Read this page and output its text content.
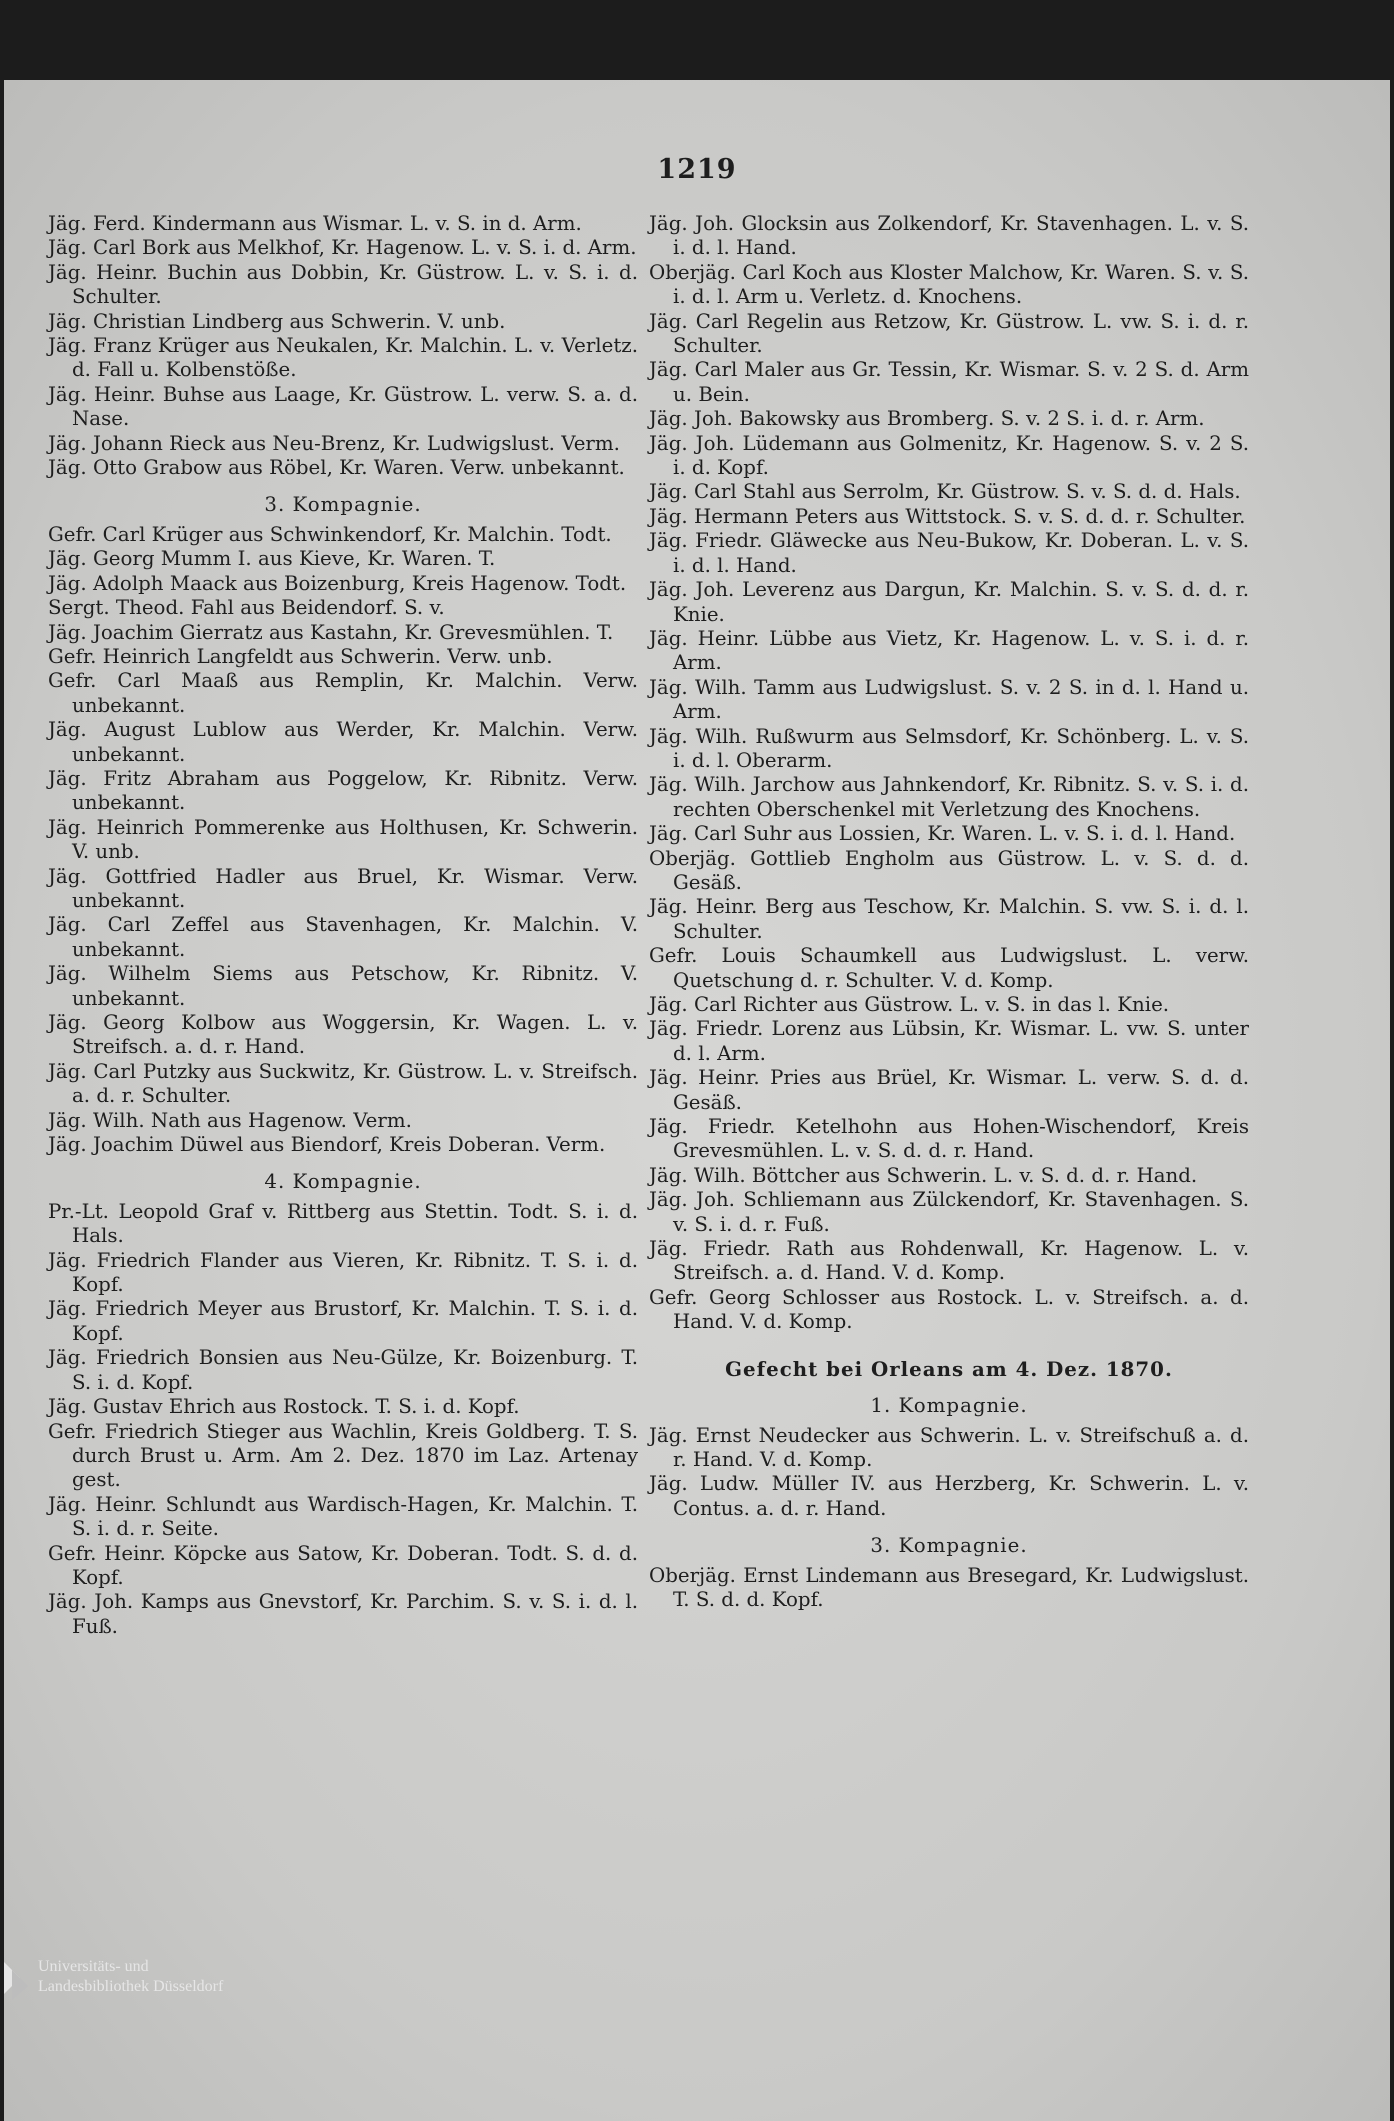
1219
Jäg. Ferd. Kindermann aus Wismar. L. v. S. in d. Arm.
Jäg. Carl Bork aus Melkhof, Kr. Hagenow. L. v. S. i. d. Arm.
Jäg. Heinr. Buchin aus Dobbin, Kr. Güstrow. L. v. S. i. d. Schulter.
Jäg. Christian Lindberg aus Schwerin. V. unb.
Jäg. Franz Krüger aus Neukalen, Kr. Malchin. L. v. Verletz. d. Fall u. Kolbenstöße.
Jäg. Heinr. Buhse aus Laage, Kr. Güstrow. L. verw. S. a. d. Nase.
Jäg. Johann Rieck aus Neu-Brenz, Kr. Ludwigslust. Verm.
Jäg. Otto Grabow aus Röbel, Kr. Waren. Verw. unbekannt.
3. Kompagnie.
Gefr. Carl Krüger aus Schwinkendorf, Kr. Malchin. Todt.
Jäg. Georg Mumm I. aus Kieve, Kr. Waren. T.
Jäg. Adolph Maack aus Boizenburg, Kreis Hagenow. Todt.
Sergt. Theod. Fahl aus Beidendorf. S. v.
Jäg. Joachim Gierratz aus Kastahn, Kr. Grevesmühlen. T.
Gefr. Heinrich Langfeldt aus Schwerin. Verw. unb.
Gefr. Carl Maaß aus Remplin, Kr. Malchin. Verw. unbekannt.
Jäg. August Lublow aus Werder, Kr. Malchin. Verw. unbekannt.
Jäg. Fritz Abraham aus Poggelow, Kr. Ribnitz. Verw. unbekannt.
Jäg. Heinrich Pommerenke aus Holthusen, Kr. Schwerin. V. unb.
Jäg. Gottfried Hadler aus Bruel, Kr. Wismar. Verw. unbekannt.
Jäg. Carl Zeffel aus Stavenhagen, Kr. Malchin. V. unbekannt.
Jäg. Wilhelm Siems aus Petschow, Kr. Ribnitz. V. unbekannt.
Jäg. Georg Kolbow aus Woggersin, Kr. Wagen. L. v. Streifsch. a. d. r. Hand.
Jäg. Carl Putzky aus Suckwitz, Kr. Güstrow. L. v. Streifsch. a. d. r. Schulter.
Jäg. Wilh. Nath aus Hagenow. Verm.
Jäg. Joachim Düwel aus Biendorf, Kreis Doberan. Verm.
4. Kompagnie.
Pr.-Lt. Leopold Graf v. Rittberg aus Stettin. Todt. S. i. d. Hals.
Jäg. Friedrich Flander aus Vieren, Kr. Ribnitz. T. S. i. d. Kopf.
Jäg. Friedrich Meyer aus Brustorf, Kr. Malchin. T. S. i. d. Kopf.
Jäg. Friedrich Bonsien aus Neu-Gülze, Kr. Boizenburg. T. S. i. d. Kopf.
Jäg. Gustav Ehrich aus Rostock. T. S. i. d. Kopf.
Gefr. Friedrich Stieger aus Wachlin, Kreis Goldberg. T. S. durch Brust u. Arm. Am 2. Dez. 1870 im Laz. Artenay gest.
Jäg. Heinr. Schlundt aus Wardisch-Hagen, Kr. Malchin. T. S. i. d. r. Seite.
Gefr. Heinr. Köpcke aus Satow, Kr. Doberan. Todt. S. d. d. Kopf.
Jäg. Joh. Kamps aus Gnevstorf, Kr. Parchim. S. v. S. i. d. l. Fuß.
Jäg. Joh. Glocksin aus Zolkendorf, Kr. Stavenhagen. L. v. S. i. d. l. Hand.
Oberjäg. Carl Koch aus Kloster Malchow, Kr. Waren. S. v. S. i. d. l. Arm u. Verletz. d. Knochens.
Jäg. Carl Regelin aus Retzow, Kr. Güstrow. L. vw. S. i. d. r. Schulter.
Jäg. Carl Maler aus Gr. Tessin, Kr. Wismar. S. v. 2 S. d. Arm u. Bein.
Jäg. Joh. Bakowsky aus Bromberg. S. v. 2 S. i. d. r. Arm.
Jäg. Joh. Lüdemann aus Golmenitz, Kr. Hagenow. S. v. 2 S. i. d. Kopf.
Jäg. Carl Stahl aus Serrolm, Kr. Güstrow. S. v. S. d. d. Hals.
Jäg. Hermann Peters aus Wittstock. S. v. S. d. d. r. Schulter.
Jäg. Friedr. Gläwecke aus Neu-Bukow, Kr. Doberan. L. v. S. i. d. l. Hand.
Jäg. Joh. Leverenz aus Dargun, Kr. Malchin. S. v. S. d. d. r. Knie.
Jäg. Heinr. Lübbe aus Vietz, Kr. Hagenow. L. v. S. i. d. r. Arm.
Jäg. Wilh. Tamm aus Ludwigslust. S. v. 2 S. in d. l. Hand u. Arm.
Jäg. Wilh. Rußwurm aus Selmsdorf, Kr. Schönberg. L. v. S. i. d. l. Oberarm.
Jäg. Wilh. Jarchow aus Jahnkendorf, Kr. Ribnitz. S. v. S. i. d. rechten Oberschenkel mit Verletzung des Knochens.
Jäg. Carl Suhr aus Lossien, Kr. Waren. L. v. S. i. d. l. Hand.
Oberjäg. Gottlieb Engholm aus Güstrow. L. v. S. d. d. Gesäß.
Jäg. Heinr. Berg aus Teschow, Kr. Malchin. S. vw. S. i. d. l. Schulter.
Gefr. Louis Schaumkell aus Ludwigslust. L. verw. Quetschung d. r. Schulter. V. d. Komp.
Jäg. Carl Richter aus Güstrow. L. v. S. in das l. Knie.
Jäg. Friedr. Lorenz aus Lübsin, Kr. Wismar. L. vw. S. unter d. l. Arm.
Jäg. Heinr. Pries aus Brüel, Kr. Wismar. L. verw. S. d. d. Gesäß.
Jäg. Friedr. Ketelhohn aus Hohen-Wischendorf, Kreis Grevesmühlen. L. v. S. d. d. r. Hand.
Jäg. Wilh. Böttcher aus Schwerin. L. v. S. d. d. r. Hand.
Jäg. Joh. Schliemann aus Zülckendorf, Kr. Stavenhagen. S. v. S. i. d. r. Fuß.
Jäg. Friedr. Rath aus Rohdenwall, Kr. Hagenow. L. v. Streifsch. a. d. Hand. V. d. Komp.
Gefr. Georg Schlosser aus Rostock. L. v. Streifsch. a. d. Hand. V. d. Komp.
Gefecht bei Orleans am 4. Dez. 1870.
1. Kompagnie.
Jäg. Ernst Neudecker aus Schwerin. L. v. Streifschuß a. d. r. Hand. V. d. Komp.
Jäg. Ludw. Müller IV. aus Herzberg, Kr. Schwerin. L. v. Contus. a. d. r. Hand.
3. Kompagnie.
Oberjäg. Ernst Lindemann aus Bresegard, Kr. Ludwigslust. T. S. d. d. Kopf.
Universitäts- und
Landesbibliothek Düsseldorf
